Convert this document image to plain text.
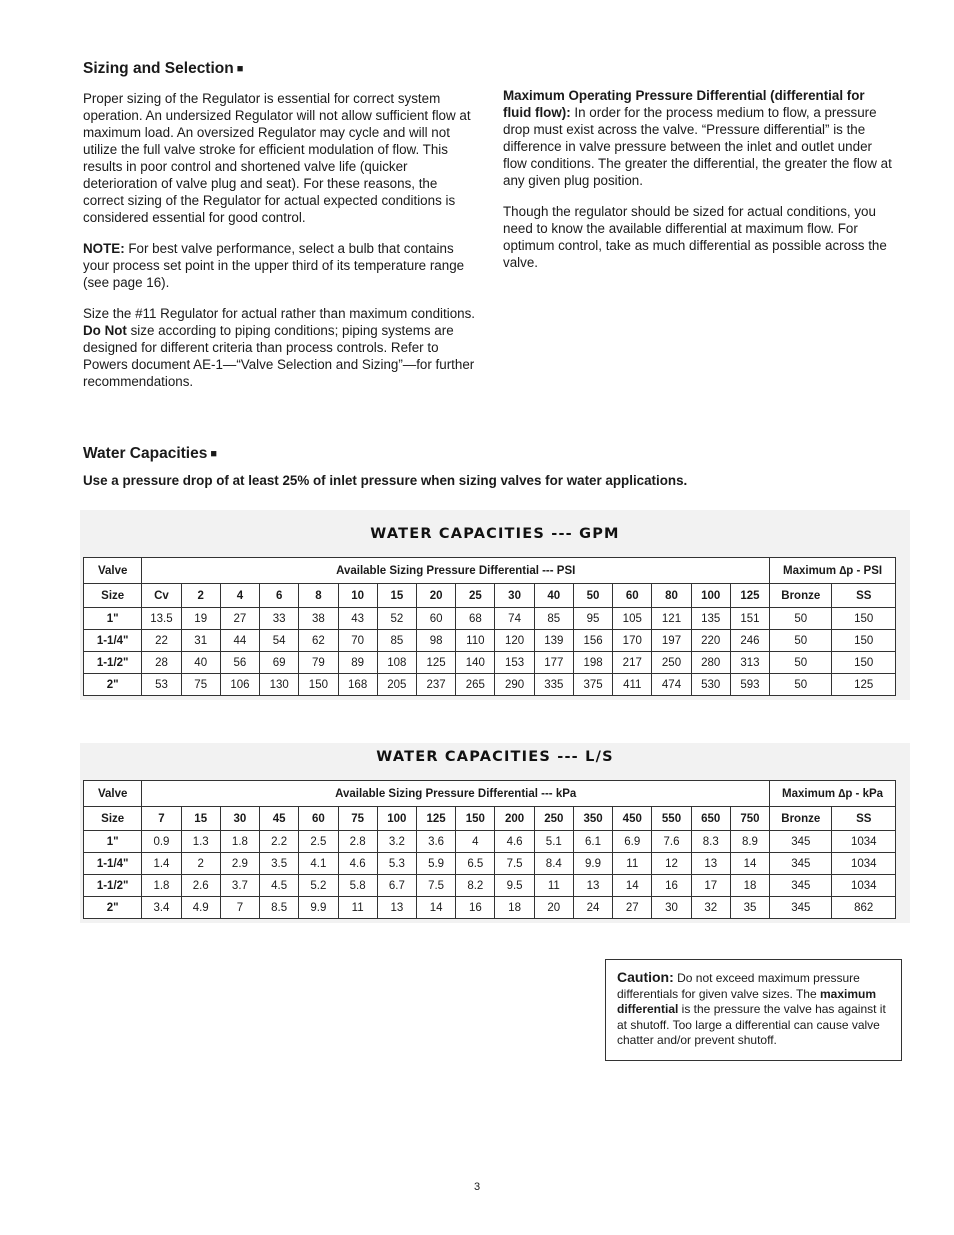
Sizing and Selection ■

Proper sizing of the Regulator is essential for correct system operation. An undersized Regulator will not allow sufficient flow at maximum load. An oversized Regulator may cycle and will not utilize the full valve stroke for efficient modulation of flow. This results in poor control and shortened valve life (quicker deterioration of valve plug and seat). For these reasons, the correct sizing of the Regulator for actual expected conditions is considered essential for good control.

NOTE: For best valve performance, select a bulb that contains your process set point in the upper third of its temperature range (see page 16).

Size the #11 Regulator for actual rather than maximum conditions. Do Not size according to piping conditions; piping systems are designed for different criteria than process controls. Refer to Powers document AE-1—“Valve Selection and Sizing”—for further recommendations.

Maximum Operating Pressure Differential (differential for fluid flow): In order for the process medium to flow, a pressure drop must exist across the valve. “Pressure differential” is the difference in valve pressure between the inlet and outlet under flow conditions. The greater the differential, the greater the flow at any given plug position.

Though the regulator should be sized for actual conditions, you need to know the available differential at maximum flow. For optimum control, take as much differential as possible across the valve.

Water Capacities ■
Use a pressure drop of at least 25% of inlet pressure when sizing valves for water applications.
WATER CAPACITIES --- GPM
Valve	Available Sizing Pressure Differential --- PSI																Maximum ∆p - PSI	
Size	Cv	2	4	6	8	10	15	20	25	30	40	50	60	80	100	125	Bronze	SS
1"	13.5	19	27	33	38	43	52	60	68	74	85	95	105	121	135	151	50	150
1-1/4"	22	31	44	54	62	70	85	98	110	120	139	156	170	197	220	246	50	150
1-1/2"	28	40	56	69	79	89	108	125	140	153	177	198	217	250	280	313	50	150
2"	53	75	106	130	150	168	205	237	265	290	335	375	411	474	530	593	50	125
WATER CAPACITIES --- L/S
Valve	Available Sizing Pressure Differential --- kPa																Maximum ∆p - kPa	
Size	7	15	30	45	60	75	100	125	150	200	250	350	450	550	650	750	Bronze	SS
1"	0.9	1.3	1.8	2.2	2.5	2.8	3.2	3.6	4	4.6	5.1	6.1	6.9	7.6	8.3	8.9	345	1034
1-1/4"	1.4	2	2.9	3.5	4.1	4.6	5.3	5.9	6.5	7.5	8.4	9.9	11	12	13	14	345	1034
1-1/2"	1.8	2.6	3.7	4.5	5.2	5.8	6.7	7.5	8.2	9.5	11	13	14	16	17	18	345	1034
2"	3.4	4.9	7	8.5	9.9	11	13	14	16	18	20	24	27	30	32	35	345	862
Caution: Do not exceed maximum pressure differentials for given valve sizes. The maximum differential is the pressure the valve has against it at shutoff. Too large a differential can cause valve chatter and/or prevent shutoff.
3
